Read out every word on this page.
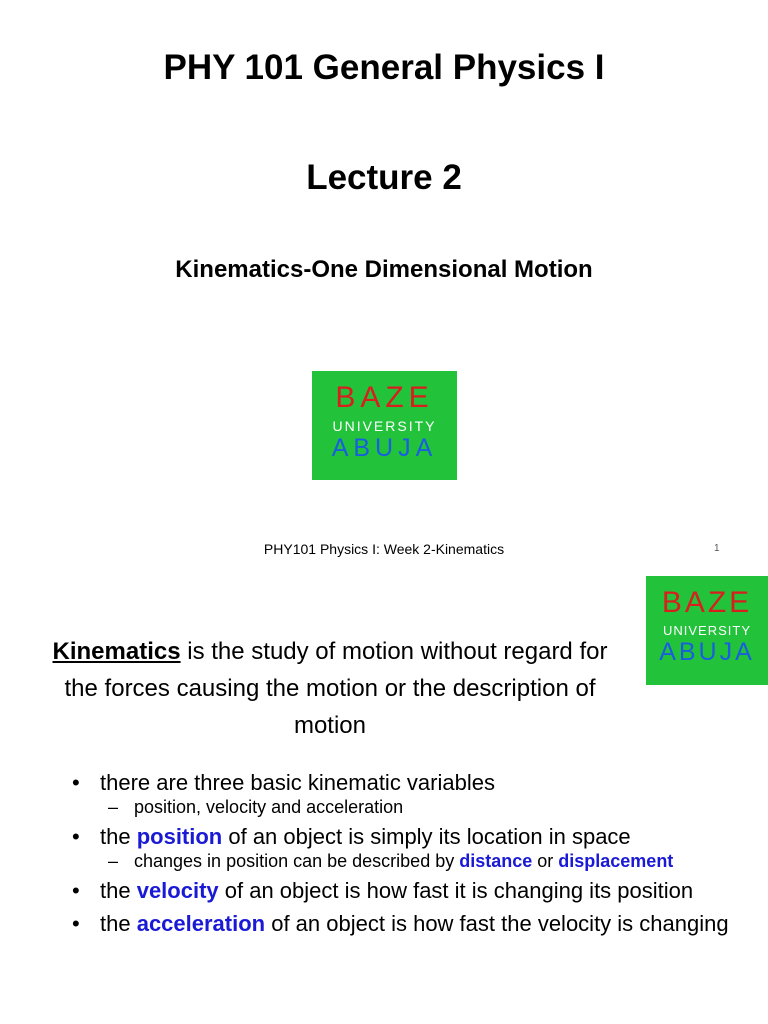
PHY 101 General Physics I
Lecture 2
Kinematics-One Dimensional Motion
BAZE
UNIVERSITY
ABUJA
PHY101 Physics I: Week 2-Kinematics	1
BAZE
UNIVERSITY
ABUJA
Kinematics is the study of motion without regard for the forces causing the motion or the description of motion
• there are three basic kinematic variables
– position, velocity and acceleration
• the position of an object is simply its location in space
– changes in position can be described by distance or displacement
• the velocity of an object is how fast it is changing its position
• the acceleration of an object is how fast the velocity is changing
